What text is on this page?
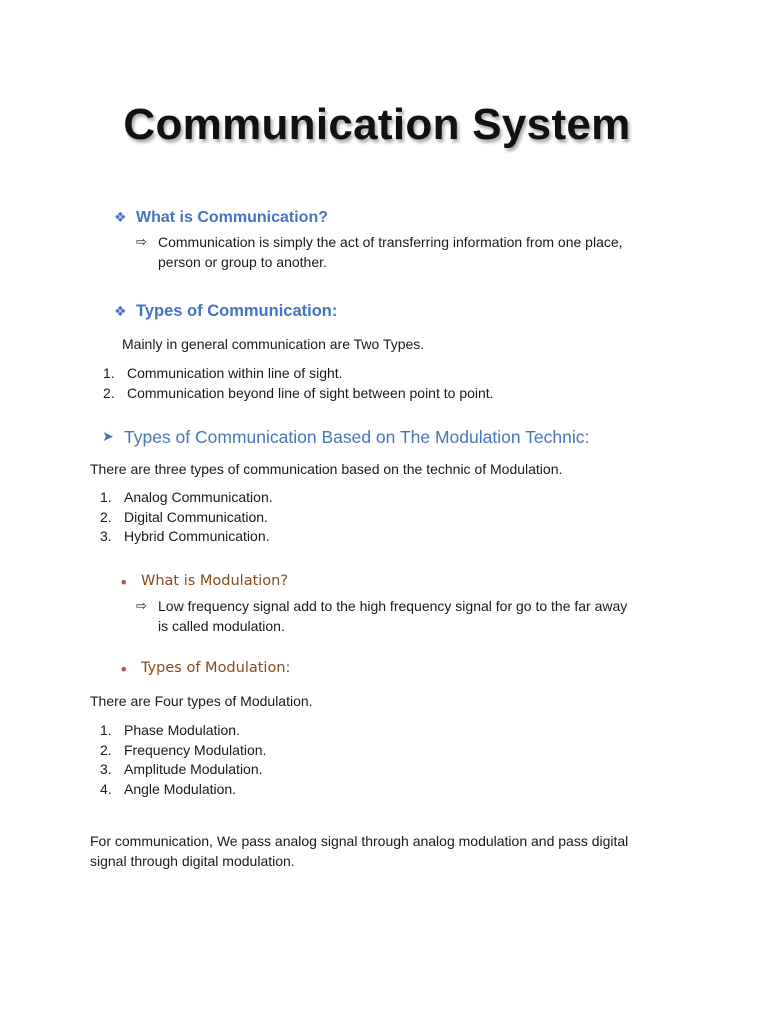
Communication System
❖ What is Communication?
⇨ Communication is simply the act of transferring information from one place,
person or group to another.
❖ Types of Communication:
Mainly in general communication are Two Types.
1. Communication within line of sight.
2. Communication beyond line of sight between point to point.
➤ Types of Communication Based on The Modulation Technic:
There are three types of communication based on the technic of Modulation.
1. Analog Communication.
2. Digital Communication.
3. Hybrid Communication.
• What is Modulation?
⇨ Low frequency signal add to the high frequency signal for go to the far away
is called modulation.
• Types of Modulation:
There are Four types of Modulation.
1. Phase Modulation.
2. Frequency Modulation.
3. Amplitude Modulation.
4. Angle Modulation.
For communication, We pass analog signal through analog modulation and pass digital
signal through digital modulation.
